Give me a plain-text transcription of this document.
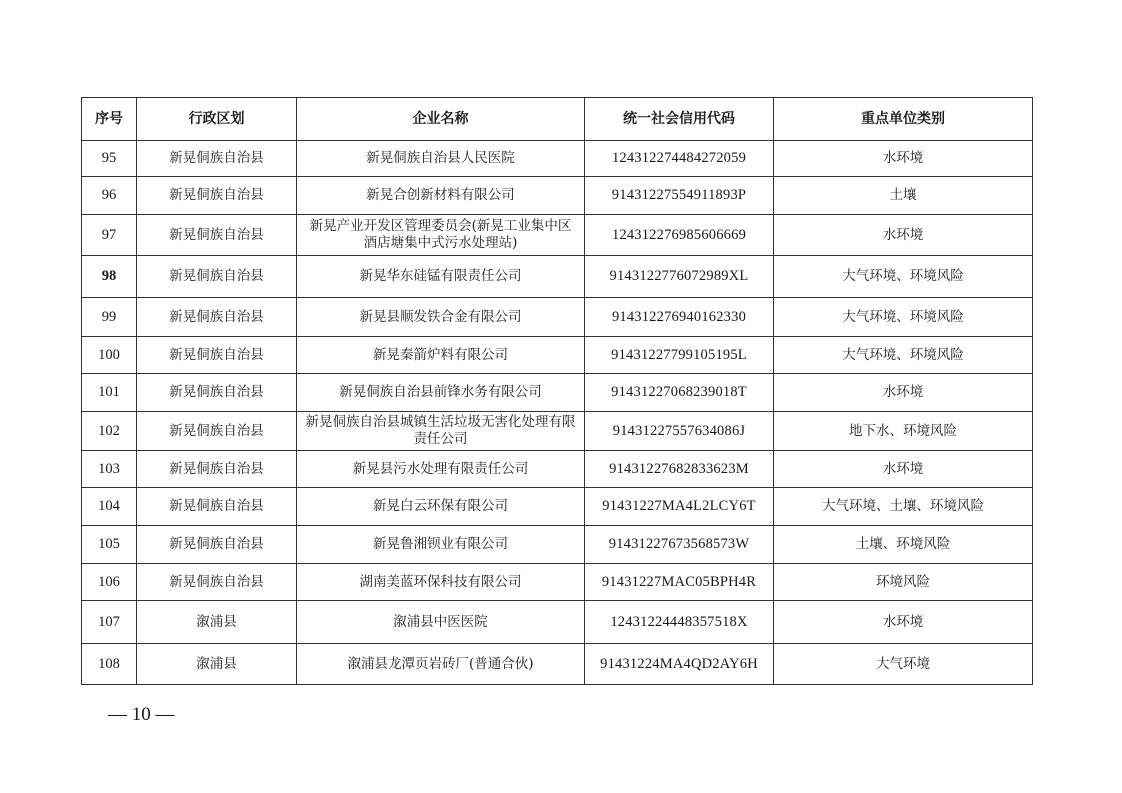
序号	行政区划	企业名称	统一社会信用代码	重点单位类别
95	新晃侗族自治县	新晃侗族自治县人民医院	124312274484272059	水环境
96	新晃侗族自治县	新晃合创新材料有限公司	91431227554911893P	土壤
97	新晃侗族自治县	新晃产业开发区管理委员会(新晃工业集中区酒店塘集中式污水处理站)	124312276985606669	水环境
98	新晃侗族自治县	新晃华东硅锰有限责任公司	9143122776072989XL	大气环境、环境风险
99	新晃侗族自治县	新晃县顺发铁合金有限公司	914312276940162330	大气环境、环境风险
100	新晃侗族自治县	新晃秦箭炉料有限公司	91431227799105195L	大气环境、环境风险
101	新晃侗族自治县	新晃侗族自治县前锋水务有限公司	91431227068239018T	水环境
102	新晃侗族自治县	新晃侗族自治县城镇生活垃圾无害化处理有限责任公司	91431227557634086J	地下水、环境风险
103	新晃侗族自治县	新晃县污水处理有限责任公司	91431227682833623M	水环境
104	新晃侗族自治县	新晃白云环保有限公司	91431227MA4L2LCY6T	大气环境、土壤、环境风险
105	新晃侗族自治县	新晃鲁湘钡业有限公司	91431227673568573W	土壤、环境风险
106	新晃侗族自治县	湖南美蓝环保科技有限公司	91431227MAC05BPH4R	环境风险
107	溆浦县	溆浦县中医医院	12431224448357518X	水环境
108	溆浦县	溆浦县龙潭页岩砖厂(普通合伙)	91431224MA4QD2AY6H	大气环境
— 10 —
